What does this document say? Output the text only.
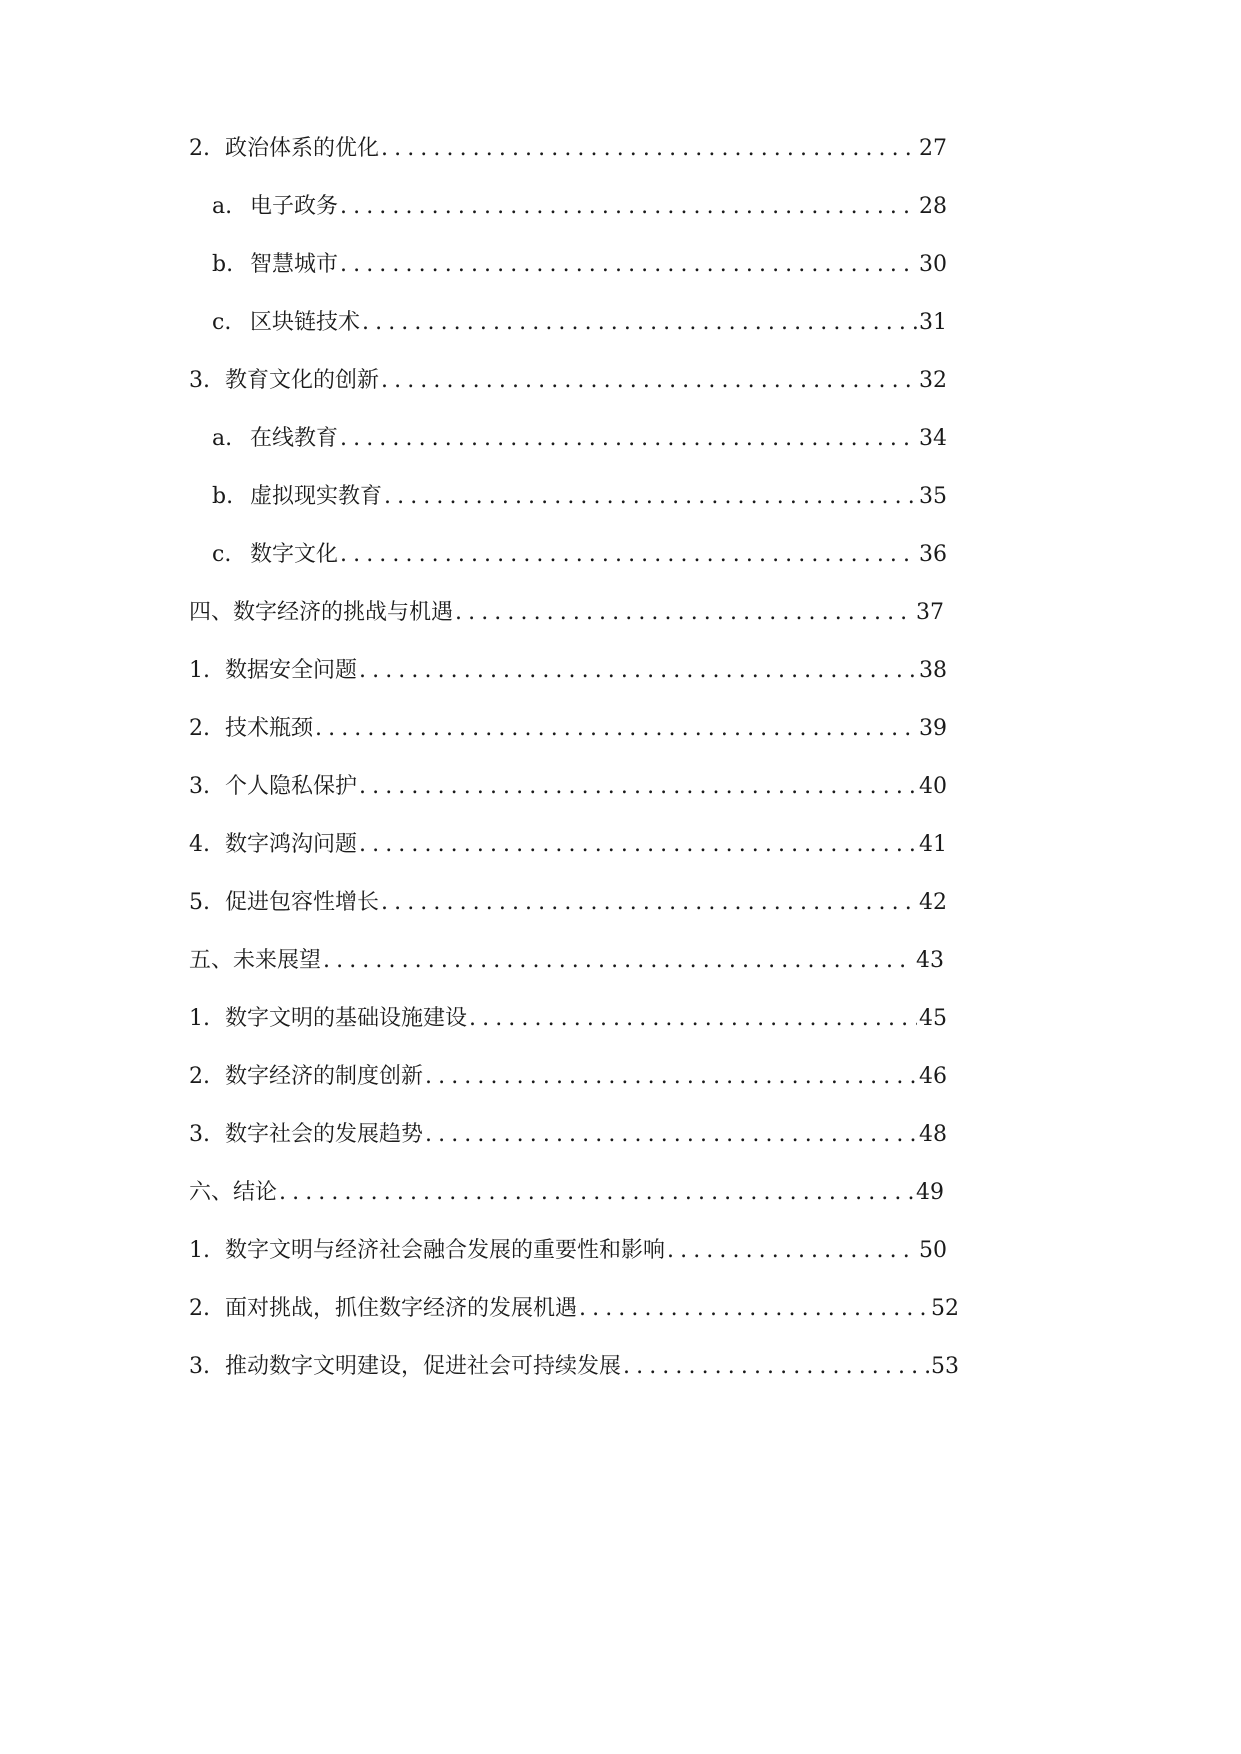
2. 政治体系的优化 .....	27
a. 电子政务 .....	28
b. 智慧城市 .....	30
c. 区块链技术 .....	31
3. 教育文化的创新 .....	32
a. 在线教育 .....	34
b. 虚拟现实教育 .....	35
c. 数字文化 .....	36
四、数字经济的挑战与机遇 .....	37
1. 数据安全问题 .....	38
2. 技术瓶颈 .....	39
3. 个人隐私保护 .....	40
4. 数字鸿沟问题 .....	41
5. 促进包容性增长 .....	42
五、未来展望 .....	43
1. 数字文明的基础设施建设 .....	45
2. 数字经济的制度创新 .....	46
3. 数字社会的发展趋势 .....	48
六、结论 .....	49
1. 数字文明与经济社会融合发展的重要性和影响 .....	50
2. 面对挑战，抓住数字经济的发展机遇 .....	52
3. 推动数字文明建设，促进社会可持续发展 .....	53
